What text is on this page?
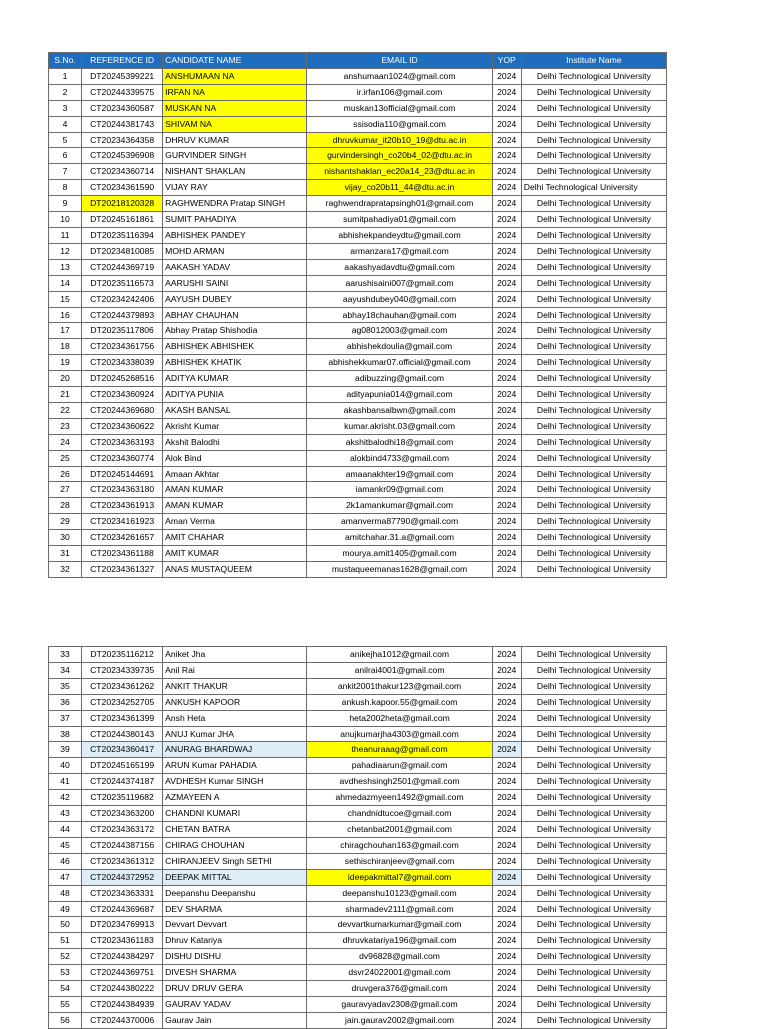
S.No.	REFERENCE ID	CANDIDATE NAME	EMAIL ID	YOP	Institute Name
1	DT20245399221	ANSHUMAAN NA	anshumaan1024@gmail.com	2024	Delhi Technological University
2	CT20244339575	IRFAN NA	ir.irfan106@gmail.com	2024	Delhi Technological University
3	CT20234360587	MUSKAN NA	muskan13official@gmail.com	2024	Delhi Technological University
4	CT20244381743	SHIVAM NA	ssisodia110@gmail.com	2024	Delhi Technological University
5	CT20234364358	DHRUV KUMAR	dhruvkumar_it20b10_19@dtu.ac.in	2024	Delhi Technological University
6	CT20245396908	GURVINDER SINGH	gurvindersingh_co20b4_02@dtu.ac.in	2024	Delhi Technological University
7	CT20234360714	NISHANT SHAKLAN	nishantshaklan_ec20a14_23@dtu.ac.in	2024	Delhi Technological University
8	CT20234361590	VIJAY RAY	vijay_co20b11_44@dtu.ac.in	2024	Delhi Technological University
9	DT20218120328	RAGHWENDRA Pratap SINGH	raghwendrapratapsingh01@gmail.com	2024	Delhi Technological University
10	DT20245161861	SUMIT PAHADIYA	sumitpahadiya01@gmail.com	2024	Delhi Technological University
11	DT20235116394	ABHISHEK PANDEY	abhishekpandeydtu@gmail.com	2024	Delhi Technological University
12	DT20234810085	MOHD ARMAN	armanzara17@gmail.com	2024	Delhi Technological University
13	CT20244369719	AAKASH YADAV	aakashyadavdtu@gmail.com	2024	Delhi Technological University
14	DT20235116573	AARUSHI SAINI	aarushisaini007@gmail.com	2024	Delhi Technological University
15	CT20234242406	AAYUSH DUBEY	aayushdubey040@gmail.com	2024	Delhi Technological University
16	CT20244379893	ABHAY CHAUHAN	abhay18chauhan@gmail.com	2024	Delhi Technological University
17	DT20235117806	Abhay Pratap Shishodia	ag08012003@gmail.com	2024	Delhi Technological University
18	CT20234361756	ABHISHEK ABHISHEK	abhishekdoulia@gmail.com	2024	Delhi Technological University
19	CT20234338039	ABHISHEK KHATIK	abhishekkumar07.official@gmail.com	2024	Delhi Technological University
20	DT20245268516	ADITYA KUMAR	adibuzzing@gmail.com	2024	Delhi Technological University
21	CT20234360924	ADITYA PUNIA	adityapunia014@gmail.com	2024	Delhi Technological University
22	CT20244369680	AKASH BANSAL	akashbansalbwn@gmail.com	2024	Delhi Technological University
23	CT20234360622	Akrisht Kumar	kumar.akrisht.03@gmail.com	2024	Delhi Technological University
24	CT20234363193	Akshit Balodhi	akshitbalodhi18@gmail.com	2024	Delhi Technological University
25	CT20234360774	Alok Bind	alokbind4733@gmail.com	2024	Delhi Technological University
26	DT20245144691	Amaan Akhtar	amaanakhter19@gmail.com	2024	Delhi Technological University
27	CT20234363180	AMAN KUMAR	iamankr09@gmail.com	2024	Delhi Technological University
28	CT20234361913	AMAN KUMAR	2k1amankumar@gmail.com	2024	Delhi Technological University
29	CT20234161923	Aman Verma	amanverma87790@gmail.com	2024	Delhi Technological University
30	CT20234261657	AMIT CHAHAR	amitchahar.31.a@gmail.com	2024	Delhi Technological University
31	CT20234361188	AMIT KUMAR	mourya.amit1405@gmail.com	2024	Delhi Technological University
32	CT20234361327	ANAS MUSTAQUEEM	mustaqueemanas1628@gmail.com	2024	Delhi Technological University
33	DT20235116212	Aniket Jha	anikejha1012@gmail.com	2024	Delhi Technological University
34	CT20234339735	Anil Rai	anilrai4001@gmail.com	2024	Delhi Technological University
35	CT20234361262	ANKIT THAKUR	ankit2001thakur123@gmail.com	2024	Delhi Technological University
36	CT20234252705	ANKUSH KAPOOR	ankush.kapoor.55@gmail.com	2024	Delhi Technological University
37	CT20234361399	Ansh Heta	heta2002heta@gmail.com	2024	Delhi Technological University
38	CT20244380143	ANUJ Kumar JHA	anujkumarjha4303@gmail.com	2024	Delhi Technological University
39	CT20234360417	ANURAG BHARDWAJ	theanuraaag@gmail.com	2024	Delhi Technological University
40	DT20245165199	ARUN Kumar PAHADIA	pahadiaarun@gmail.com	2024	Delhi Technological University
41	CT20244374187	AVDHESH Kumar SINGH	avdheshsingh2501@gmail.com	2024	Delhi Technological University
42	CT20235119682	AZMAYEEN A	ahmedazmyeen1492@gmail.com	2024	Delhi Technological University
43	CT20234363200	CHANDNI KUMARI	chandnidtucoe@gmail.com	2024	Delhi Technological University
44	CT20234363172	CHETAN BATRA	chetanbat2001@gmail.com	2024	Delhi Technological University
45	CT20244387156	CHIRAG CHOUHAN	chiragchouhan163@gmail.com	2024	Delhi Technological University
46	CT20234361312	CHIRANJEEV Singh SETHI	sethischiranjeev@gmail.com	2024	Delhi Technological University
47	CT20244372952	DEEPAK MITTAL	ideepakmittal7@gmail.com	2024	Delhi Technological University
48	CT20234363331	Deepanshu Deepanshu	deepanshu10123@gmail.com	2024	Delhi Technological University
49	CT20244369687	DEV SHARMA	sharmadev2111@gmail.com	2024	Delhi Technological University
50	DT20234769913	Devvart Devvart	devvartkumarkumar@gmail.com	2024	Delhi Technological University
51	CT20234361183	Dhruv Katariya	dhruvkatariya196@gmail.com	2024	Delhi Technological University
52	CT20244384297	DISHU DISHU	dv96828@gmail.com	2024	Delhi Technological University
53	CT20244369751	DIVESH SHARMA	dsvr24022001@gmail.com	2024	Delhi Technological University
54	CT20244380222	DRUV DRUV GERA	druvgera376@gmail.com	2024	Delhi Technological University
55	CT20244384939	GAURAV YADAV	gauravyadav2308@gmail.com	2024	Delhi Technological University
56	CT20244370006	Gaurav Jain	jain.gaurav2002@gmail.com	2024	Delhi Technological University
